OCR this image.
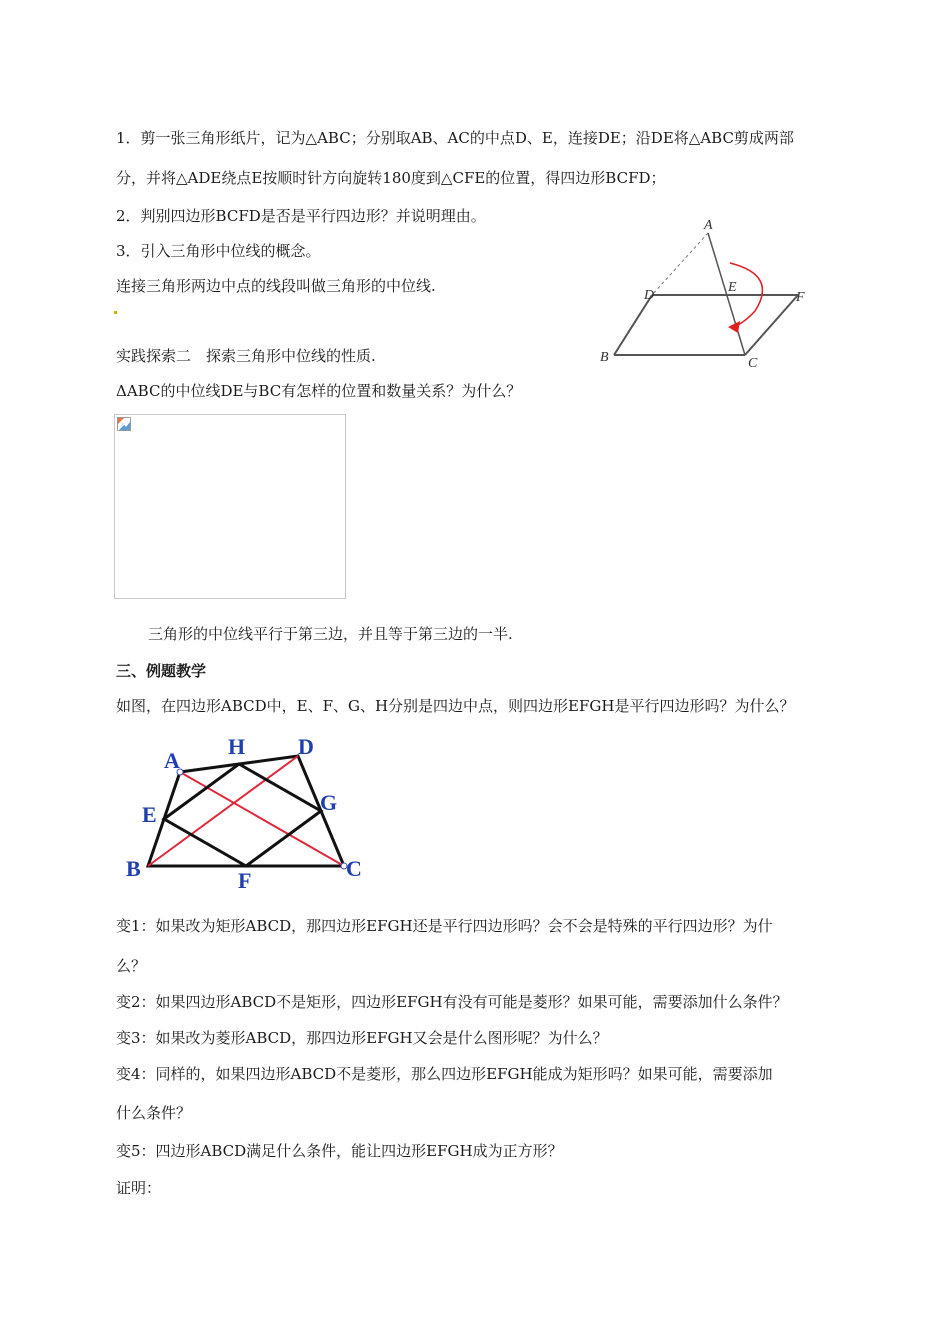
1．剪一张三角形纸片，记为△ABC；分别取AB、AC的中点D、E，连接DE；沿DE将△ABC剪成两部

分，并将△ADE绕点E按顺时针方向旋转180度到△CFE的位置，得四边形BCFD；

2．判别四边形BCFD是否是平行四边形？并说明理由。

3．引入三角形中位线的概念。

连接三角形两边中点的线段叫做三角形的中位线.

实践探索二　探索三角形中位线的性质.

ΔABC的中位线DE与BC有怎样的位置和数量关系？为什么？

A
D
E
F
B	C

三角形的中位线平行于第三边，并且等于第三边的一半.

三、例题教学

如图，在四边形ABCD中，E、F、G、H分别是四边中点，则四边形EFGH是平行四边形吗？为什么？

A
H D
E	G
B	F	C

变1：如果改为矩形ABCD，那四边形EFGH还是平行四边形吗？会不会是特殊的平行四边形？为什

么？

变2：如果四边形ABCD不是矩形，四边形EFGH有没有可能是菱形？如果可能，需要添加什么条件？

变3：如果改为菱形ABCD，那四边形EFGH又会是什么图形呢？为什么？

变4：同样的，如果四边形ABCD不是菱形，那么四边形EFGH能成为矩形吗？如果可能，需要添加

什么条件？

变5：四边形ABCD满足什么条件，能让四边形EFGH成为正方形？

证明：
